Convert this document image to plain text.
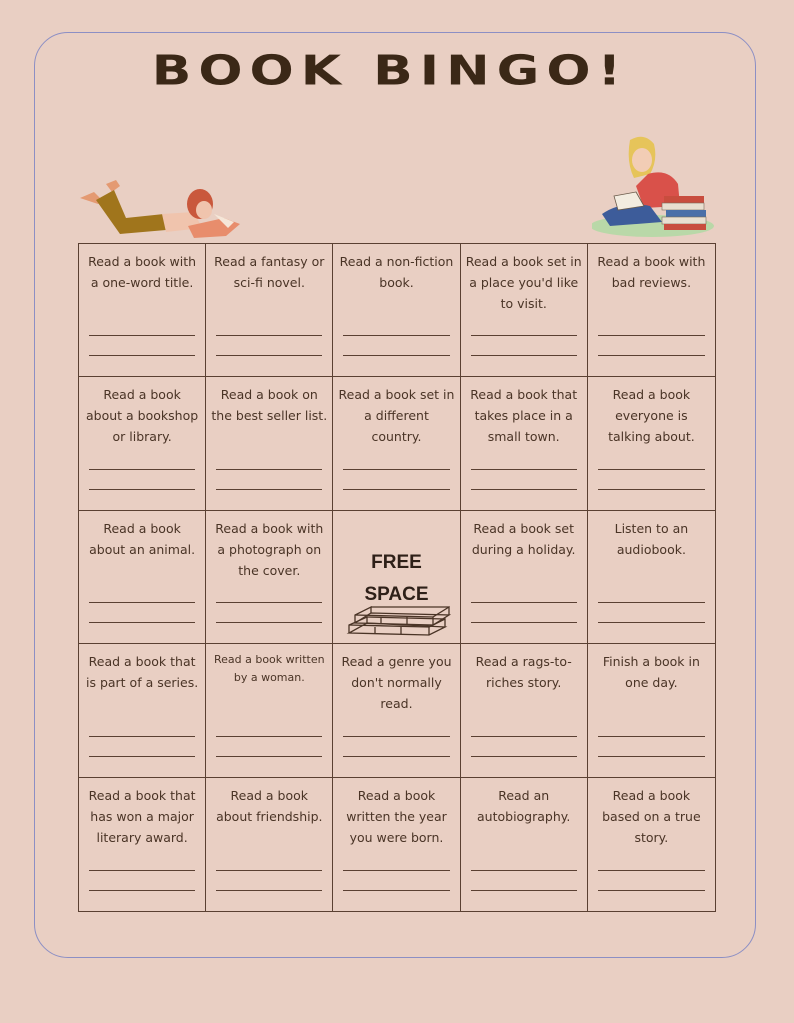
BOOK BINGO!
Read a book with a one-word title.
Read a fantasy or sci-fi novel.
Read a non-fiction book.
Read a book set in a place you'd like to visit.
Read a book with bad reviews.
Read a book about a bookshop or library.
Read a book on the best seller list.
Read a book set in a different country.
Read a book that takes place in a small town.
Read a book everyone is talking about.
Read a book about an animal.
Read a book with a photograph on the cover.	FREE
SPACE
Read a book set during a holiday.
Listen to an audiobook.
Read a book that is part of a series.
Read a book written by a woman.
Read a genre you don't normally read.
Read a rags-to-riches story.
Finish a book in one day.
Read a book that has won a major literary award.
Read a book about friendship.
Read a book written the year you were born.
Read an autobiography.
Read a book based on a true story.
